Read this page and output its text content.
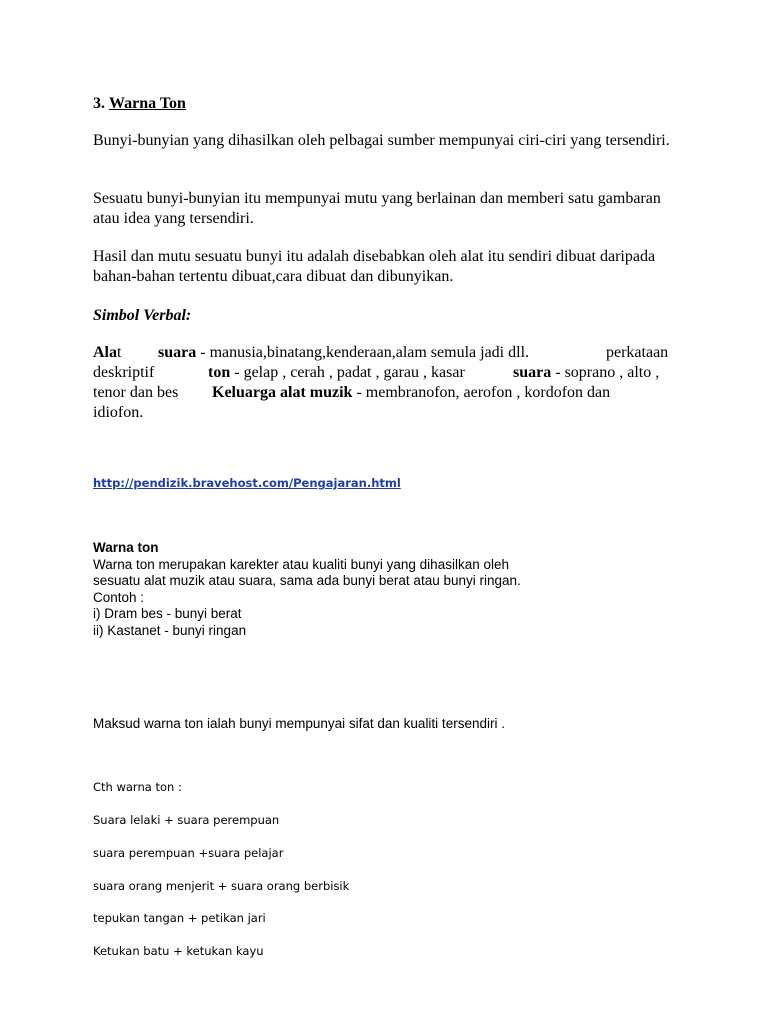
3. Warna Ton

Bunyi-bunyian yang dihasilkan oleh pelbagai sumber mempunyai ciri-ciri yang tersendiri.

Sesuatu bunyi-bunyian itu mempunyai mutu yang berlainan dan memberi satu gambaran atau idea yang tersendiri.

Hasil dan mutu sesuatu bunyi itu adalah disebabkan oleh alat itu sendiri dibuat daripada bahan-bahan tertentu dibuat,cara dibuat dan dibunyikan.

Simbol Verbal:
Alat suara - manusia,binatang,kenderaan,alam semula jadi dll.	perkataan
deskriptif	ton - gelap , cerah , padat , garau , kasar	suara - soprano , alto ,
tenor dan bes Keluarga alat muzik - membranofon, aerofon , kordofon dan
idiofon.
http://pendizik.bravehost.com/Pengajaran.html
Warna ton
Warna ton merupakan karekter atau kualiti bunyi yang dihasilkan oleh
sesuatu alat muzik atau suara, sama ada bunyi berat atau bunyi ringan.
Contoh :
i) Dram bes - bunyi berat
ii) Kastanet - bunyi ringan
Maksud warna ton ialah bunyi mempunyai sifat dan kualiti tersendiri .
Cth warna ton :
Suara lelaki + suara perempuan
suara perempuan +suara pelajar
suara orang menjerit + suara orang berbisik
tepukan tangan + petikan jari
Ketukan batu + ketukan kayu
